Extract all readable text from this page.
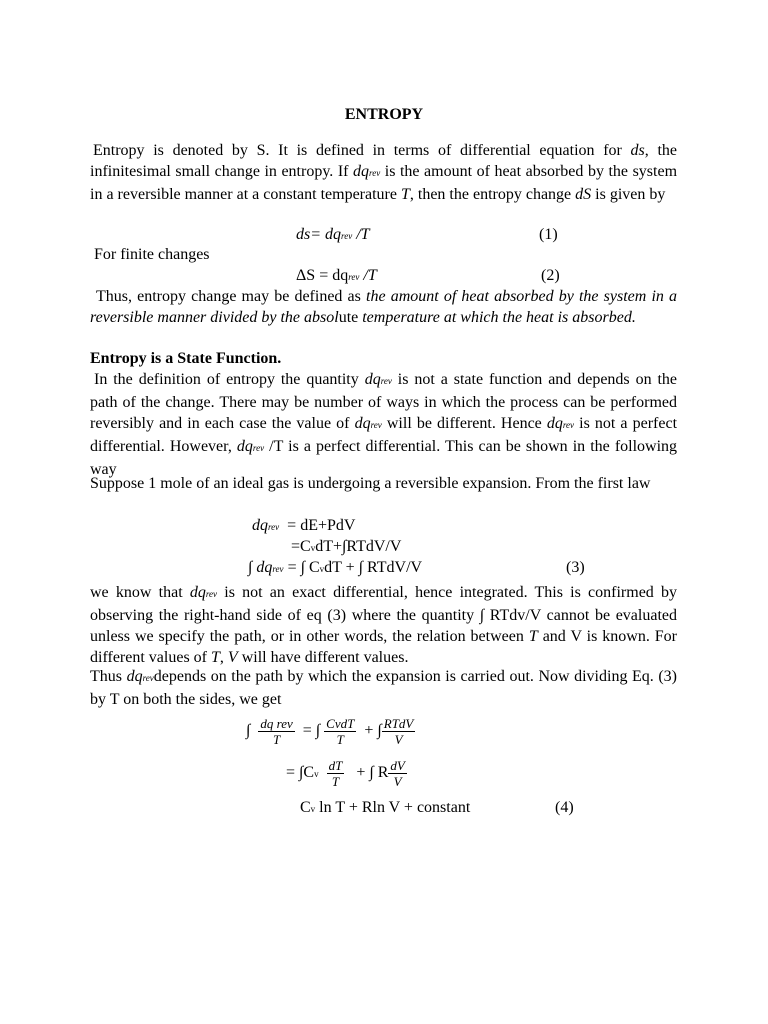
ENTROPY
Entropy is denoted by S. It is defined in terms of differential equation for ds, the infinitesimal small change in entropy. If dqrev is the amount of heat absorbed by the system in a reversible manner at a constant temperature T, then the entropy change dS is given by
ds= dqrev /T	(1)
For finite changes
ΔS = dqrev /T	(2)
Thus, entropy change may be defined as the amount of heat absorbed by the system in a reversible manner divided by the absolute temperature at which the heat is absorbed.
Entropy is a State Function.
In the definition of entropy the quantity dqrev is not a state function and depends on the path of the change. There may be number of ways in which the process can be performed reversibly and in each case the value of dqrev will be different. Hence dqrev is not a perfect differential. However, dqrev /T is a perfect differential. This can be shown in the following way
Suppose 1 mole of an ideal gas is undergoing a reversible expansion. From the first law
dqrev = dE+PdV
=CvdT+∫RTdV/V
∫ dqrev = ∫ CvdT + ∫ RTdV/V	(3)
we know that dqrev is not an exact differential, hence integrated. This is confirmed by observing the right-hand side of eq (3) where the quantity ∫ RTdv/V cannot be evaluated unless we specify the path, or in other words, the relation between T and V is known. For different values of T, V will have different values.
Thus dqrevdepends on the path by which the expansion is carried out. Now dividing Eq. (3) by T on both the sides, we get
∫ $\frac{\text{dq rev}}{T}$ = ∫ $\frac{\text{CvdT}}{T}$ + ∫ $\frac{\text{RTdV}}{V}$
= $\int Cv \frac{dT}{T}$ + ∫ R $\frac{dV}{V}$
Cv ln T + Rln V + constant	(4)
